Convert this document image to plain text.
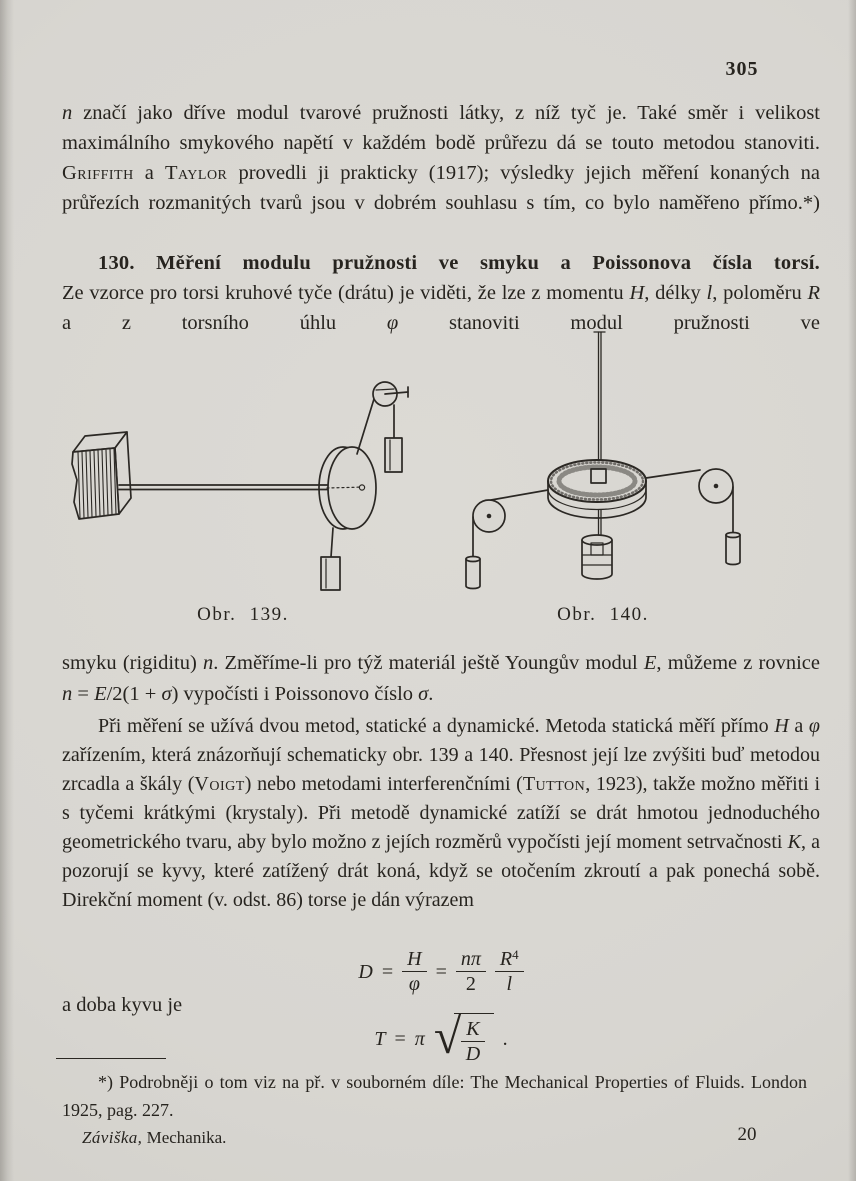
305
n značí jako dříve modul tvarové pružnosti látky, z níž tyč je. Také směr i velikost maximálního smykového napětí v každém bodě průřezu dá se touto metodou stanoviti. Griffith a Taylor provedli ji prakticky (1917); výsledky jejich měření konaných na průřezích rozmanitých tvarů jsou v dobrém souhlasu s tím, co bylo naměřeno přímo.*)
130. Měření modulu pružnosti ve smyku a Poissonova čísla torsí.
Ze vzorce pro torsi kruhové tyče (drátu) je viděti, že lze z momentu H, délky l, poloměru R a z torsního úhlu φ stanoviti modul pružnosti ve
Obr. 139.	Obr. 140.
smyku (rigiditu) n. Změříme-li pro týž materiál ještě Youngův modul E, můžeme z rovnice n = E/2(1 + σ) vypočísti i Poissonovo číslo σ.
Při měření se užívá dvou metod, statické a dynamické. Metoda statická měří přímo H a φ zařízením, která znázorňují schematicky obr. 139 a 140. Přesnost její lze zvýšiti buď metodou zrcadla a škály (Voigt) nebo metodami interferenčními (Tutton, 1923), takže možno měřiti i s tyčemi krátkými (krystaly). Při metodě dynamické zatíží se drát hmotou jednoduchého geometrického tvaru, aby bylo možno z jejích rozměrů vypočísti její moment setrvačnosti K, a pozorují se kyvy, které zatížený drát koná, když se otočením zkroutí a pak ponechá sobě. Direkční moment (v. odst. 86) torse je dán výrazem
$D = \frac{H}{\varphi} = \frac{n\pi}{2} \frac{R^4}{l}$
a doba kyvu je
T = π √ $\frac{K}{D}$ .
*) Podrobněji o tom viz na př. v souborném díle: The Mechanical Properties of Fluids. London 1925, pag. 227.
Záviška, Mechanika.	20
